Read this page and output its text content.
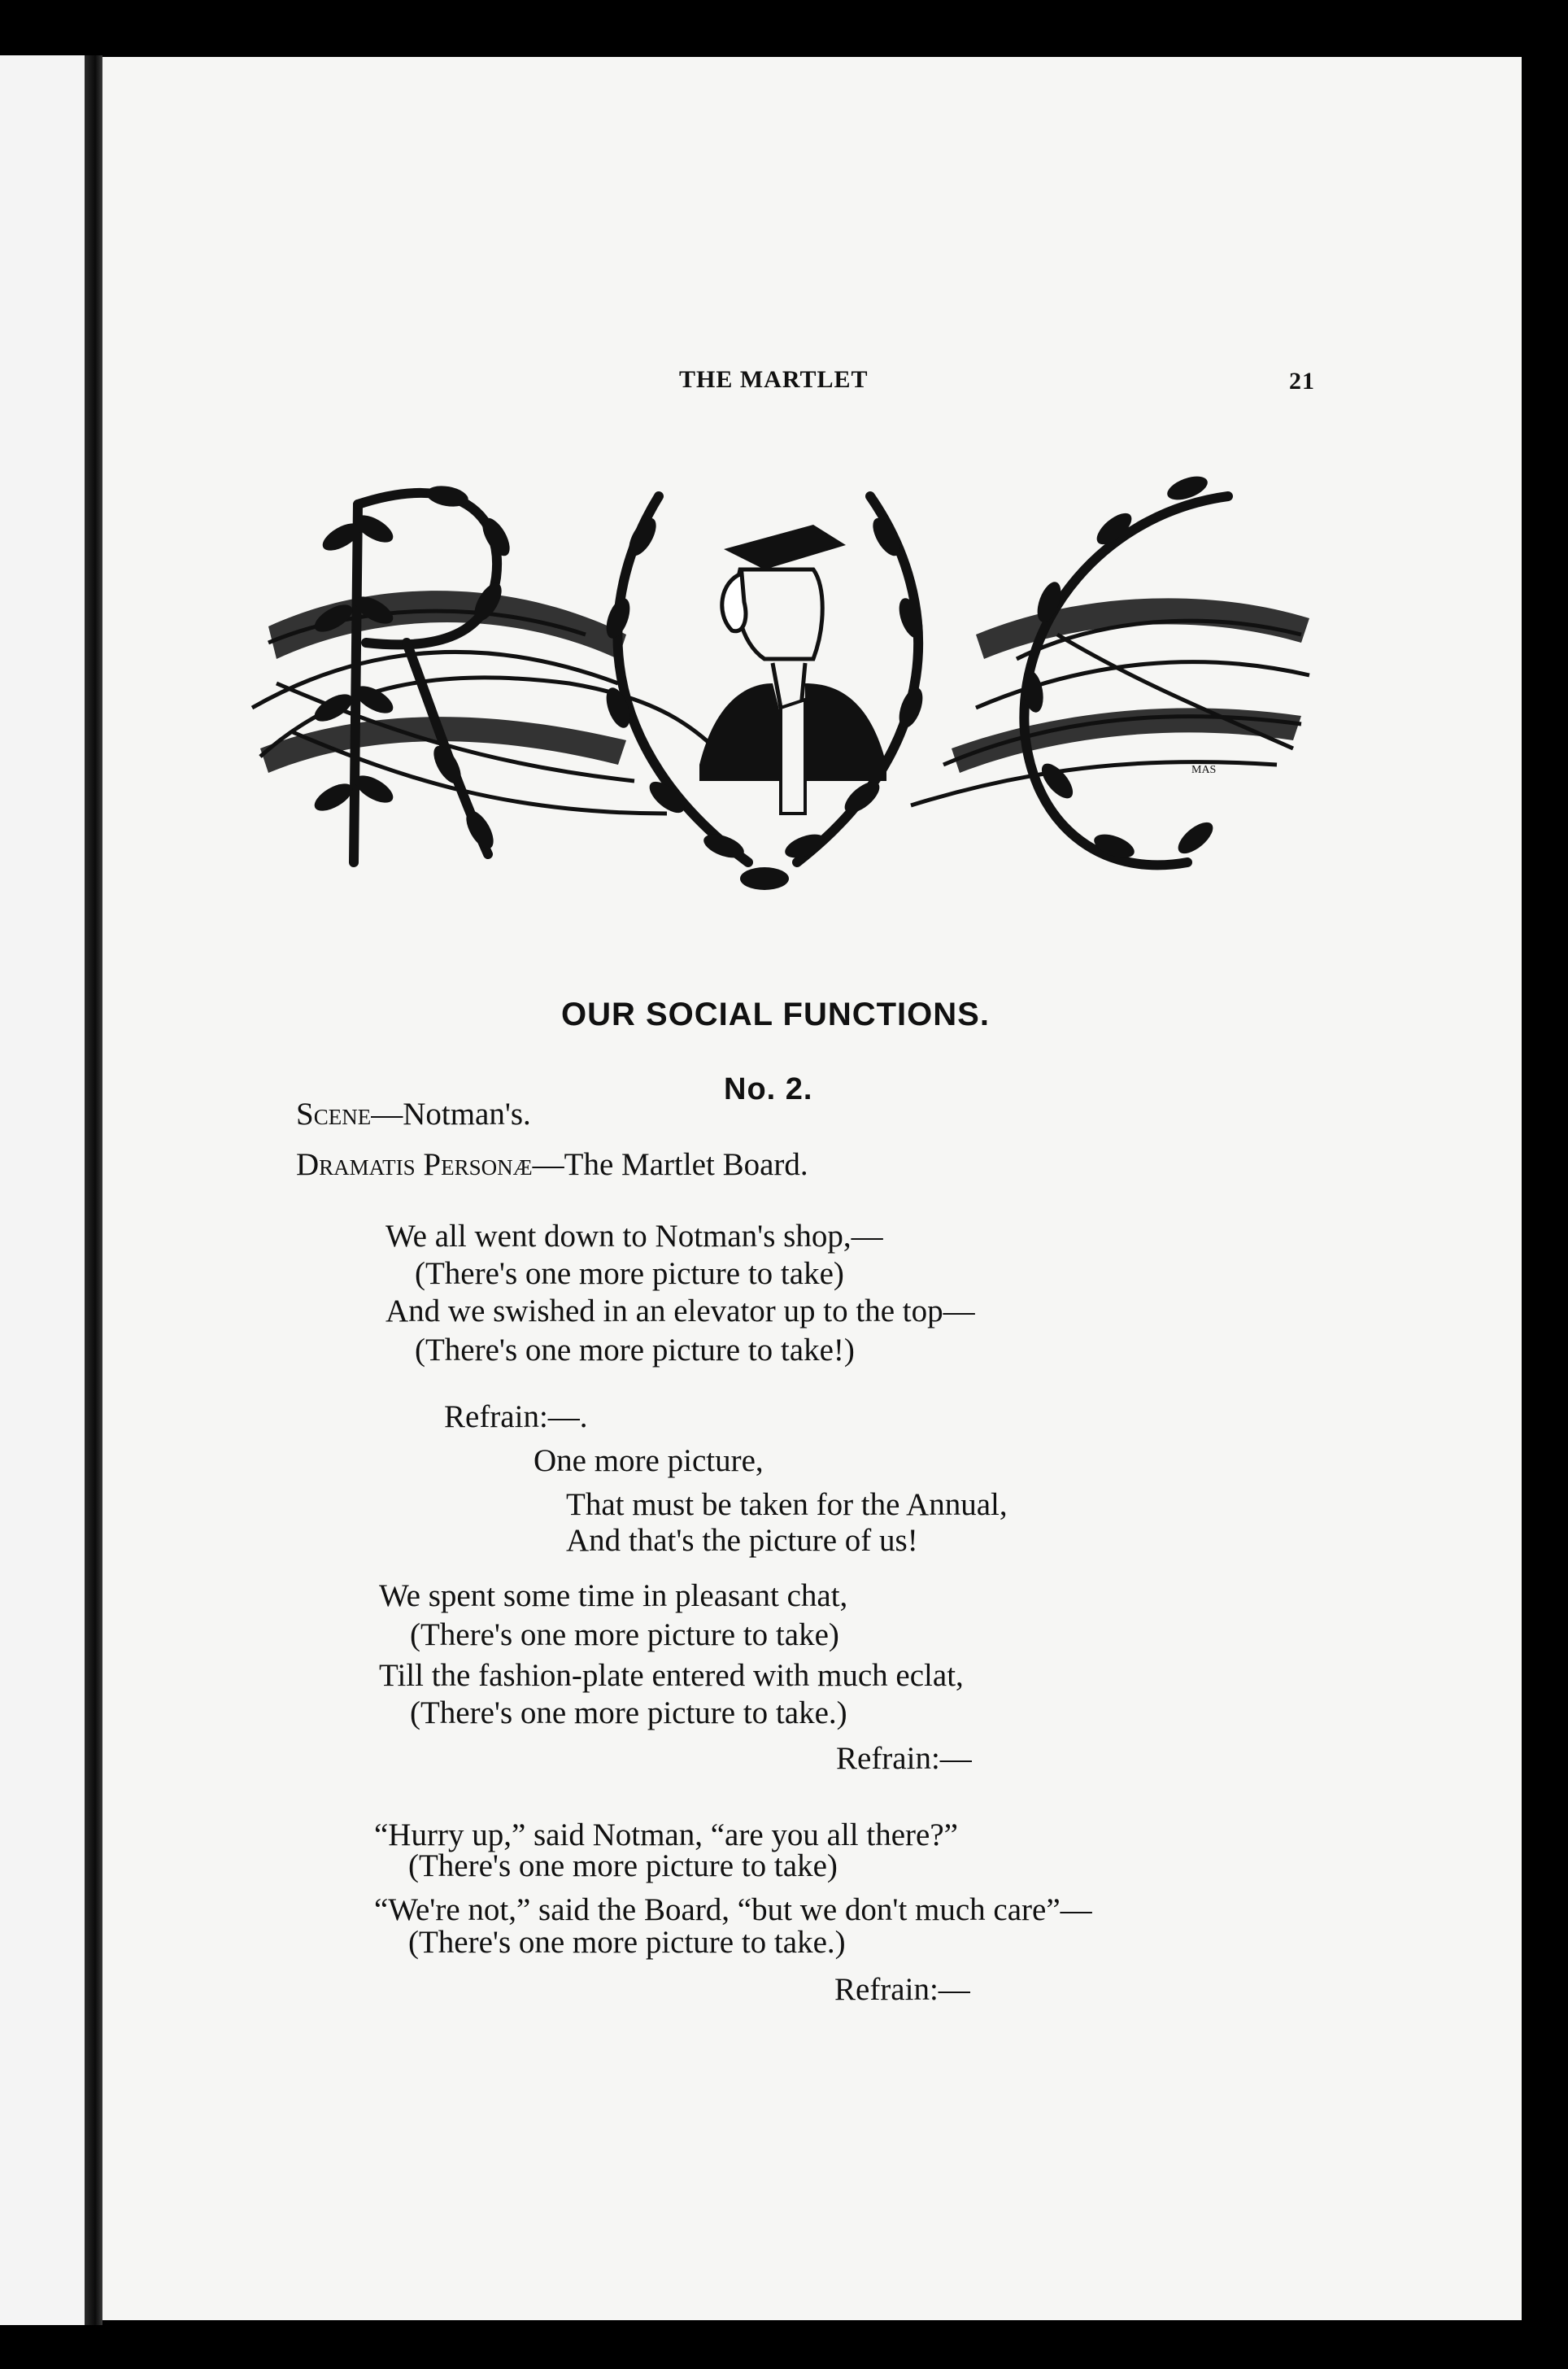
THE MARTLET	21
MAS
OUR SOCIAL FUNCTIONS.
No. 2.
Scene—Notman's.
Dramatis Personæ—The Martlet Board.
We all went down to Notman's shop,—
(There's one more picture to take)
And we swished in an elevator up to the top—
(There's one more picture to take!)
Refrain:—.
One more picture,
That must be taken for the Annual,
And that's the picture of us!
We spent some time in pleasant chat,
(There's one more picture to take)
Till the fashion-plate entered with much eclat,
(There's one more picture to take.)
Refrain:—
“Hurry up,” said Notman, “are you all there?”
(There's one more picture to take)
“We're not,” said the Board, “but we don't much care”—
(There's one more picture to take.)
Refrain:—
